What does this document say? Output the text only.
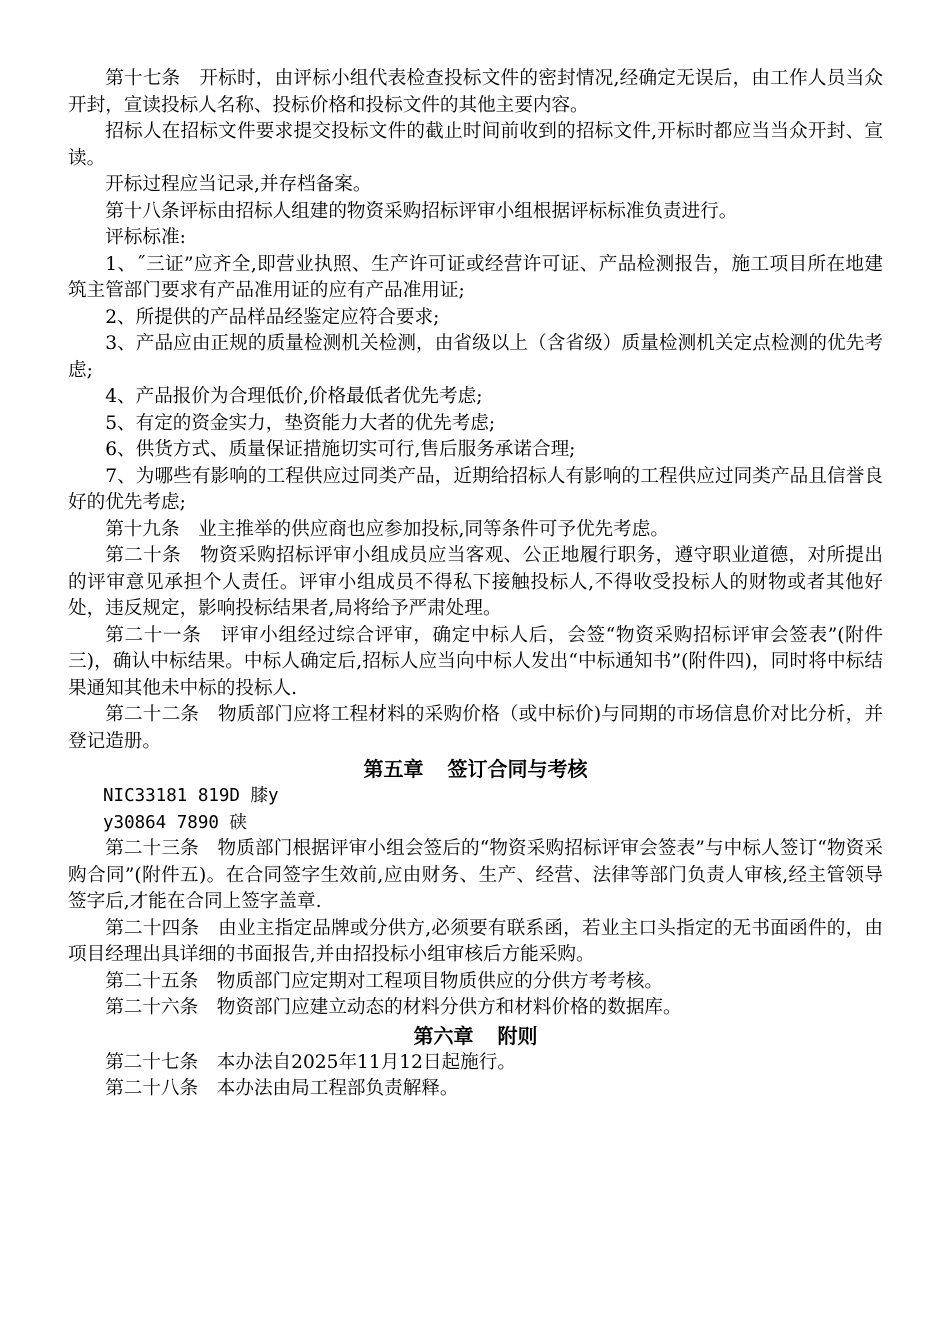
第十七条　开标时，由评标小组代表检查投标文件的密封情况,经确定无误后，由工作人员当众开封，宣读投标人名称、投标价格和投标文件的其他主要内容。

招标人在招标文件要求提交投标文件的截止时间前收到的招标文件,开标时都应当当众开封、宣读。

开标过程应当记录,并存档备案。

第十八条评标由招标人组建的物资采购招标评审小组根据评标标准负责进行。

评标标准:

1、˝三证”应齐全,即营业执照、生产许可证或经营许可证、产品检测报告，施工项目所在地建筑主管部门要求有产品准用证的应有产品准用证;

2、所提供的产品样品经鉴定应符合要求;

3、产品应由正规的质量检测机关检测，由省级以上（含省级）质量检测机关定点检测的优先考虑;

4、产品报价为合理低价,价格最低者优先考虑;

5、有定的资金实力，垫资能力大者的优先考虑;

6、供货方式、质量保证措施切实可行,售后服务承诺合理;

7、为哪些有影响的工程供应过同类产品，近期给招标人有影响的工程供应过同类产品且信誉良好的优先考虑;

第十九条　业主推举的供应商也应参加投标,同等条件可予优先考虑。

第二十条　物资采购招标评审小组成员应当客观、公正地履行职务，遵守职业道德，对所提出的评审意见承担个人责任。评审小组成员不得私下接触投标人,不得收受投标人的财物或者其他好处，违反规定，影响投标结果者,局将给予严肃处理。

第二十一条　评审小组经过综合评审，确定中标人后，会签“物资采购招标评审会签表”(附件三)，确认中标结果。中标人确定后,招标人应当向中标人发出“中标通知书”(附件四)，同时将中标结果通知其他未中标的投标人.

第二十二条　物质部门应将工程材料的采购价格（或中标价)与同期的市场信息价对比分析，并登记造册。

第五章 签订合同与考核

NIC33181 819D 膝y

y30864 7890 硖

第二十三条　物质部门根据评审小组会签后的“物资采购招标评审会签表”与中标人签订“物资采购合同”(附件五)。在合同签字生效前,应由财务、生产、经营、法律等部门负责人审核,经主管领导签字后,才能在合同上签字盖章.

第二十四条　由业主指定品牌或分供方,必须要有联系函，若业主口头指定的无书面函件的，由项目经理出具详细的书面报告,并由招投标小组审核后方能采购。

第二十五条　物质部门应定期对工程项目物质供应的分供方考考核。

第二十六条　物资部门应建立动态的材料分供方和材料价格的数据库。

第六章 附则

第二十七条　本办法自2025年11月12日起施行。

第二十八条　本办法由局工程部负责解释。
